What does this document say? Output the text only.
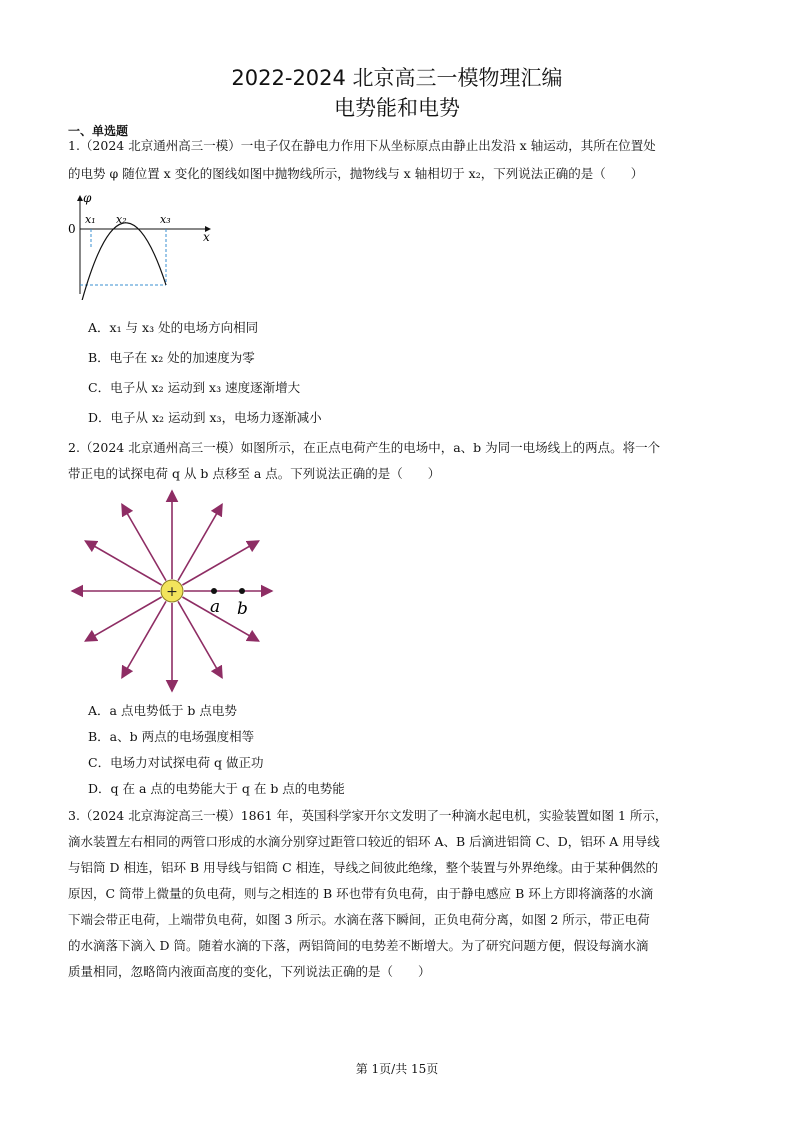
2022-2024 北京高三一模物理汇编
电势能和电势
一、单选题
1.（2024 北京通州高三一模）一电子仅在静电力作用下从坐标原点由静止出发沿 x 轴运动，其所在位置处
的电势 φ 随位置 x 变化的图线如图中抛物线所示，抛物线与 x 轴相切于 x₂，下列说法正确的是（　　）
φ
0
x
x₁ x₂	x₃
A．x₁ 与 x₃ 处的电场方向相同
B．电子在 x₂ 处的加速度为零
C．电子从 x₂ 运动到 x₃ 速度逐渐增大
D．电子从 x₂ 运动到 x₃，电场力逐渐减小
2.（2024 北京通州高三一模）如图所示，在正点电荷产生的电场中，a、b 为同一电场线上的两点。将一个
带正电的试探电荷 q 从 b 点移至 a 点。下列说法正确的是（　　）
+
a b
A．a 点电势低于 b 点电势
B．a、b 两点的电场强度相等
C．电场力对试探电荷 q 做正功
D．q 在 a 点的电势能大于 q 在 b 点的电势能
3.（2024 北京海淀高三一模）1861 年，英国科学家开尔文发明了一种滴水起电机，实验装置如图 1 所示，
滴水装置左右相同的两管口形成的水滴分别穿过距管口较近的铝环 A、B 后滴进铝筒 C、D，铝环 A 用导线
与铝筒 D 相连，铝环 B 用导线与铝筒 C 相连，导线之间彼此绝缘，整个装置与外界绝缘。由于某种偶然的
原因，C 筒带上微量的负电荷，则与之相连的 B 环也带有负电荷，由于静电感应 B 环上方即将滴落的水滴
下端会带正电荷，上端带负电荷，如图 3 所示。水滴在落下瞬间，正负电荷分离，如图 2 所示，带正电荷
的水滴落下滴入 D 筒。随着水滴的下落，两铝筒间的电势差不断增大。为了研究问题方便，假设每滴水滴
质量相同，忽略筒内液面高度的变化，下列说法正确的是（　　）
第 1页/共 15页
